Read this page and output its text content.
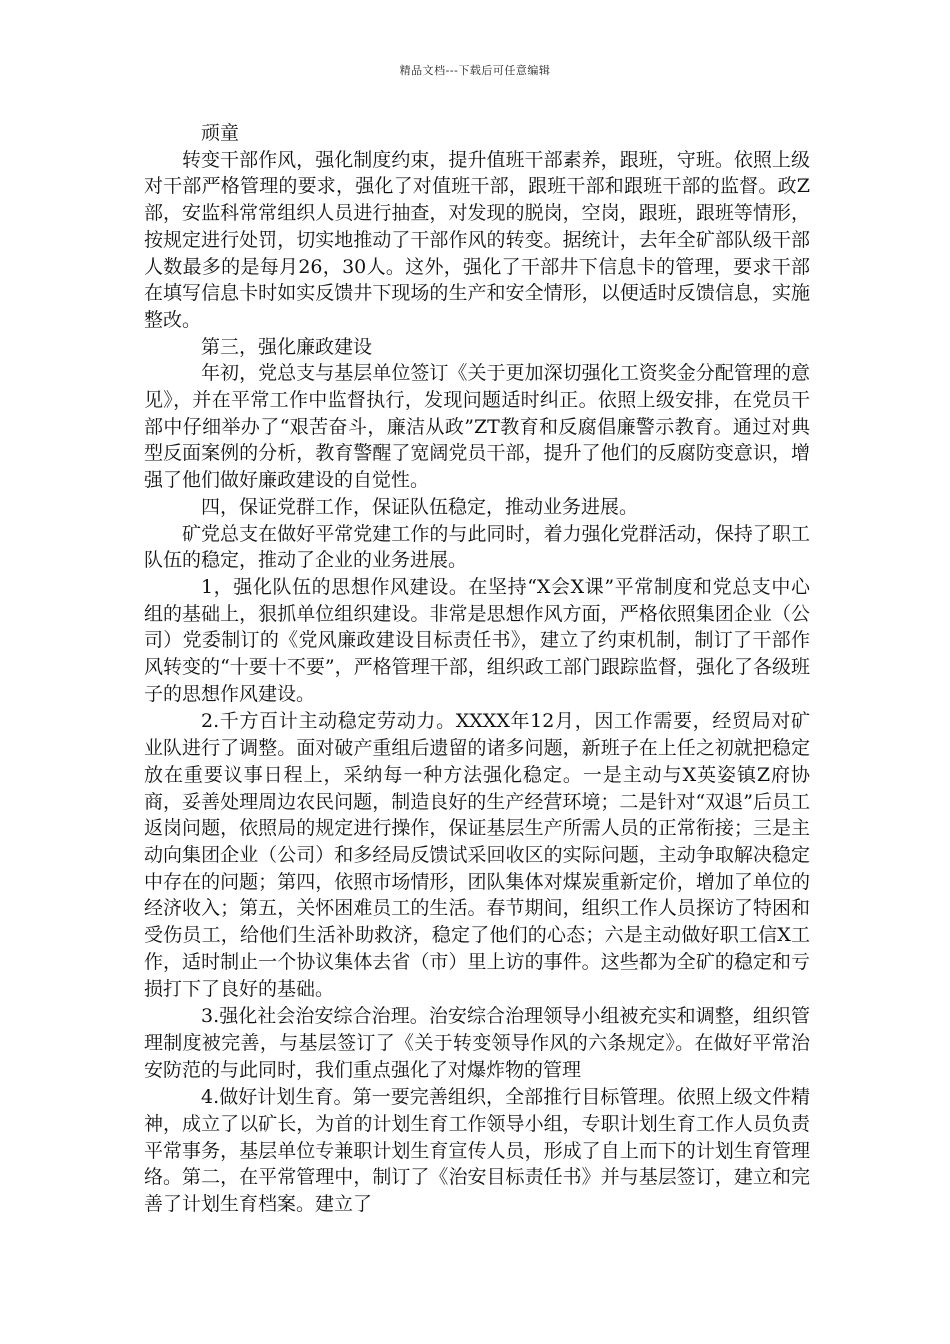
精品文档---下载后可任意编辑

顽童

转变干部作风，强化制度约束，提升值班干部素养，跟班，守班。依照上级对干部严格管理的要求，强化了对值班干部，跟班干部和跟班干部的监督。政Z部，安监科常常组织人员进行抽查，对发现的脱岗，空岗，跟班，跟班等情形，按规定进行处罚，切实地推动了干部作风的转变。据统计，去年全矿部队级干部人数最多的是每月26，30人。这外，强化了干部井下信息卡的管理，要求干部在填写信息卡时如实反馈井下现场的生产和安全情形，以便适时反馈信息，实施整改。

第三，强化廉政建设

年初，党总支与基层单位签订《关于更加深切强化工资奖金分配管理的意见》，并在平常工作中监督执行，发现问题适时纠正。依照上级安排，在党员干部中仔细举办了“艰苦奋斗，廉洁从政”ZT教育和反腐倡廉警示教育。通过对典型反面案例的分析，教育警醒了宽阔党员干部，提升了他们的反腐防变意识，增强了他们做好廉政建设的自觉性。

四，保证党群工作，保证队伍稳定，推动业务进展。

矿党总支在做好平常党建工作的与此同时，着力强化党群活动，保持了职工队伍的稳定，推动了企业的业务进展。

1，强化队伍的思想作风建设。在坚持“X会X课”平常制度和党总支中心组的基础上，狠抓单位组织建设。非常是思想作风方面，严格依照集团企业（公司）党委制订的《党风廉政建设目标责任书》，建立了约束机制，制订了干部作风转变的“十要十不要”，严格管理干部，组织政工部门跟踪监督，强化了各级班子的思想作风建设。

2.千方百计主动稳定劳动力。XXXX年12月，因工作需要，经贸局对矿业队进行了调整。面对破产重组后遗留的诸多问题，新班子在上任之初就把稳定放在重要议事日程上，采纳每一种方法强化稳定。一是主动与X英姿镇Z府协商，妥善处理周边农民问题，制造良好的生产经营环境；二是针对“双退”后员工返岗问题，依照局的规定进行操作，保证基层生产所需人员的正常衔接；三是主动向集团企业（公司）和多经局反馈试采回收区的实际问题，主动争取解决稳定中存在的问题；第四，依照市场情形，团队集体对煤炭重新定价，增加了单位的经济收入；第五，关怀困难员工的生活。春节期间，组织工作人员探访了特困和受伤员工，给他们生活补助救济，稳定了他们的心态；六是主动做好职工信X工作，适时制止一个协议集体去省（市）里上访的事件。这些都为全矿的稳定和亏损打下了良好的基础。

3.强化社会治安综合治理。治安综合治理领导小组被充实和调整，组织管理制度被完善，与基层签订了《关于转变领导作风的六条规定》。在做好平常治安防范的与此同时，我们重点强化了对爆炸物的管理

4.做好计划生育。第一要完善组织，全部推行目标管理。依照上级文件精神，成立了以矿长，为首的计划生育工作领导小组，专职计划生育工作人员负责平常事务，基层单位专兼职计划生育宣传人员，形成了自上而下的计划生育管理络。第二，在平常管理中，制订了《治安目标责任书》并与基层签订，建立和完善了计划生育档案。建立了
